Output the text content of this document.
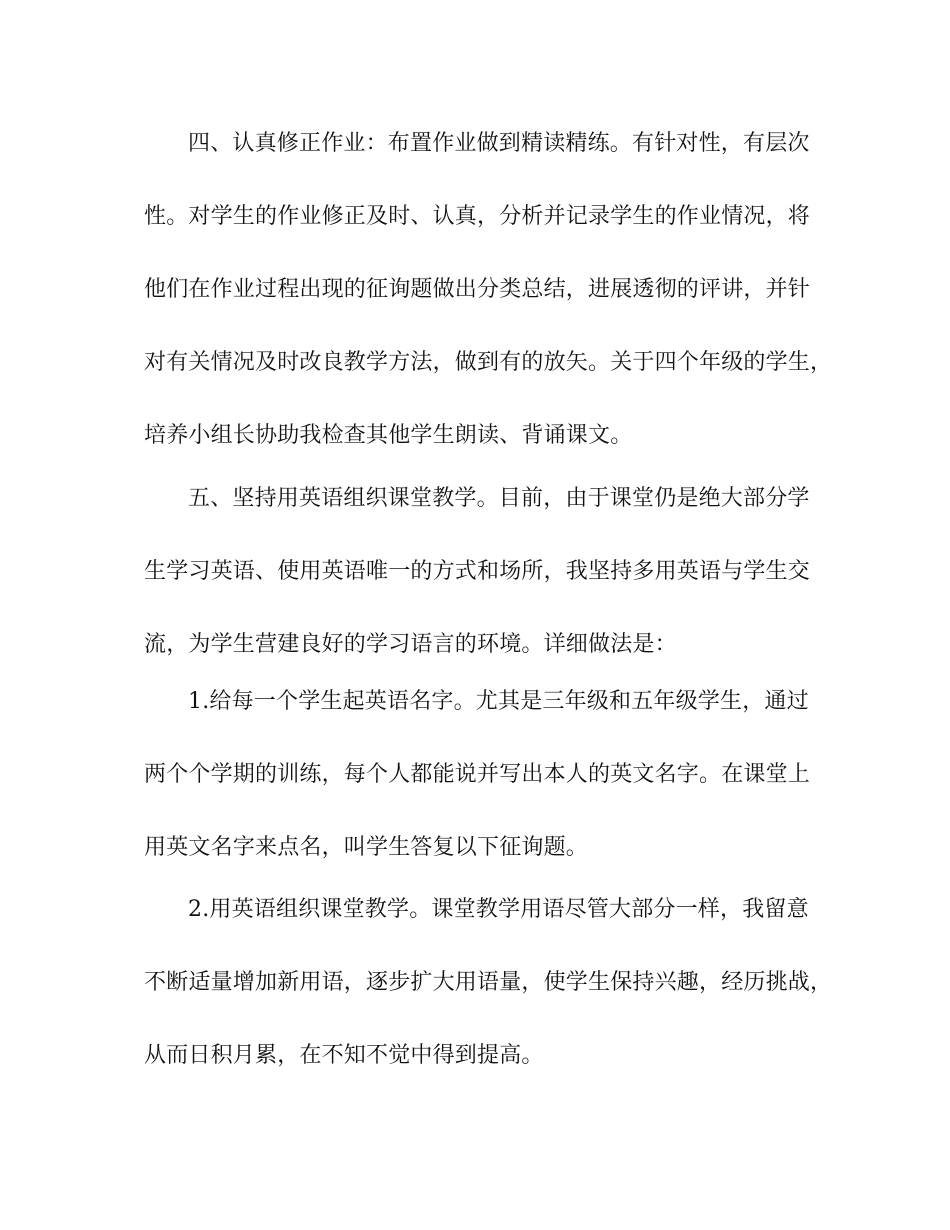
四、认真修正作业：布置作业做到精读精练。有针对性，有层次
性。对学生的作业修正及时、认真，分析并记录学生的作业情况，将
他们在作业过程出现的征询题做出分类总结，进展透彻的评讲，并针
对有关情况及时改良教学方法，做到有的放矢。关于四个年级的学生，
培养小组长协助我检查其他学生朗读、背诵课文。
五、坚持用英语组织课堂教学。目前，由于课堂仍是绝大部分学
生学习英语、使用英语唯一的方式和场所，我坚持多用英语与学生交
流，为学生营建良好的学习语言的环境。详细做法是：
1.给每一个学生起英语名字。尤其是三年级和五年级学生，通过
两个个学期的训练，每个人都能说并写出本人的英文名字。在课堂上
用英文名字来点名，叫学生答复以下征询题。
2.用英语组织课堂教学。课堂教学用语尽管大部分一样，我留意
不断适量增加新用语，逐步扩大用语量，使学生保持兴趣，经历挑战，
从而日积月累，在不知不觉中得到提高。
